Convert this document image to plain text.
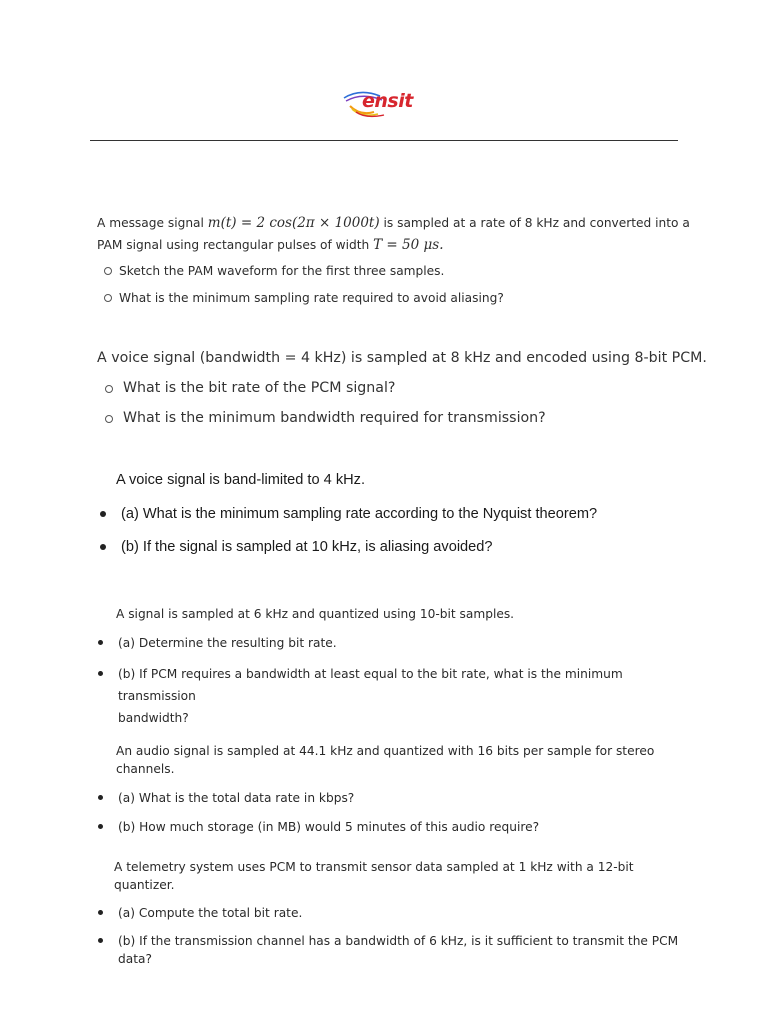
ensit

A message signal m(t) = 2 cos(2π × 1000t) is sampled at a rate of 8 kHz and converted into a
PAM signal using rectangular pulses of width T = 50 μs.

Sketch the PAM waveform for the first three samples.
What is the minimum sampling rate required to avoid aliasing?

A voice signal (bandwidth = 4 kHz) is sampled at 8 kHz and encoded using 8-bit PCM.

What is the bit rate of the PCM signal?
What is the minimum bandwidth required for transmission?

A voice signal is band-limited to 4 kHz.

(a) What is the minimum sampling rate according to the Nyquist theorem?
(b) If the signal is sampled at 10 kHz, is aliasing avoided?

A signal is sampled at 6 kHz and quantized using 10-bit samples.

(a) Determine the resulting bit rate.
(b) If PCM requires a bandwidth at least equal to the bit rate, what is the minimum transmission
bandwidth?

An audio signal is sampled at 44.1 kHz and quantized with 16 bits per sample for stereo channels.

(a) What is the total data rate in kbps?
(b) How much storage (in MB) would 5 minutes of this audio require?

A telemetry system uses PCM to transmit sensor data sampled at 1 kHz with a 12-bit quantizer.

(a) Compute the total bit rate.
(b) If the transmission channel has a bandwidth of 6 kHz, is it sufficient to transmit the PCM data?
